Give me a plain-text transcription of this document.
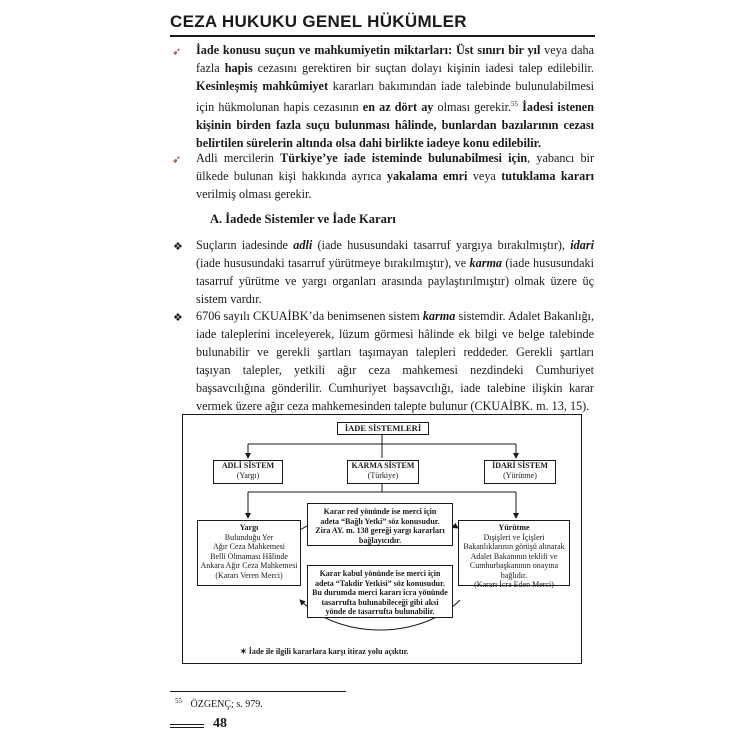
CEZA HUKUKU GENEL HÜKÜMLER
➶ İade konusu suçun ve mahkumiyetin miktarları: Üst sınırı bir yıl veya daha fazla hapis cezasını gerektiren bir suçtan dolayı kişinin iadesi talep edilebilir. Kesinleşmiş mahkûmiyet kararları bakımından iade talebinde bulunulabilmesi için hükmolunan hapis cezasının en az dört ay olması gerekir.$^{55}$ İadesi istenen kişinin birden fazla suçu bulunması hâlinde, bunlardan bazılarının cezası belirtilen sürelerin altında olsa dahi birlikte iadeye konu edilebilir.
➶ Adli mercilerin Türkiye’ye iade isteminde bulunabilmesi için, yabancı bir ülkede bulunan kişi hakkında ayrıca yakalama emri veya tutuklama kararı verilmiş olması gerekir.
A. İadede Sistemler ve İade Kararı
❖ Suçların iadesinde adli (iade hususundaki tasarruf yargıya bırakılmıştır), idari (iade hususundaki tasarruf yürütmeye bırakılmıştır), ve karma (iade hususundaki tasarruf yürütme ve yargı organları arasında paylaştırılmıştır) olmak üzere üç sistem vardır.
❖ 6706 sayılı CKUAİBK’da benimsenen sistem karma sistemdir. Adalet Bakanlığı, iade taleplerini inceleyerek, lüzum görmesi hâlinde ek bilgi ve belge talebinde bulunabilir ve gerekli şartları taşımayan talepleri reddeder. Gerekli şartları taşıyan talepler, yetkili ağır ceza mahkemesi nezdindeki Cumhuriyet başsavcılığına gönderilir. Cumhuriyet başsavcılığı, iade talebine ilişkin karar vermek üzere ağır ceza mahkemesinden talepte bulunur (CKUAİBK. m. 13, 15).
İADE SİSTEMLERİ
ADLİ SİSTEM
(Yargı)
KARMA SİSTEM
(Türkiye)
İDARİ SİSTEM
(Yürütme)
Yargı
Bulunduğu Yer
Ağır Ceza Mahkemesi
Belli Olmaması Hâlinde
Ankara Ağır Ceza Mahkemesi
(Kararı Veren Merci)
Yürütme
Dışişleri ve İçişleri
Bakanlıklarının görüşü alınarak
Adalet Bakanının teklifi ve
Cumhurbaşkanının onayına bağlıdır.
(Kararı İcra Eden Merci)
Karar red yönünde ise merci için
adeta “Bağlı Yetki” söz konusudur.
Zira AY. m. 138 gereği yargı kararları
bağlayıcıdır.
Karar kabul yönünde ise merci için
adeta “Takdir Yetkisi” söz konusudur.
Bu durumda merci kararı icra yönünde
tasarrufta bulunabileceği gibi aksi
yönde de tasarrufta bulunabilir.
✶ İade ile ilgili kararlara karşı itiraz yolu açıktır.
$^{55}$ ÖZGENÇ; s. 979.
48
